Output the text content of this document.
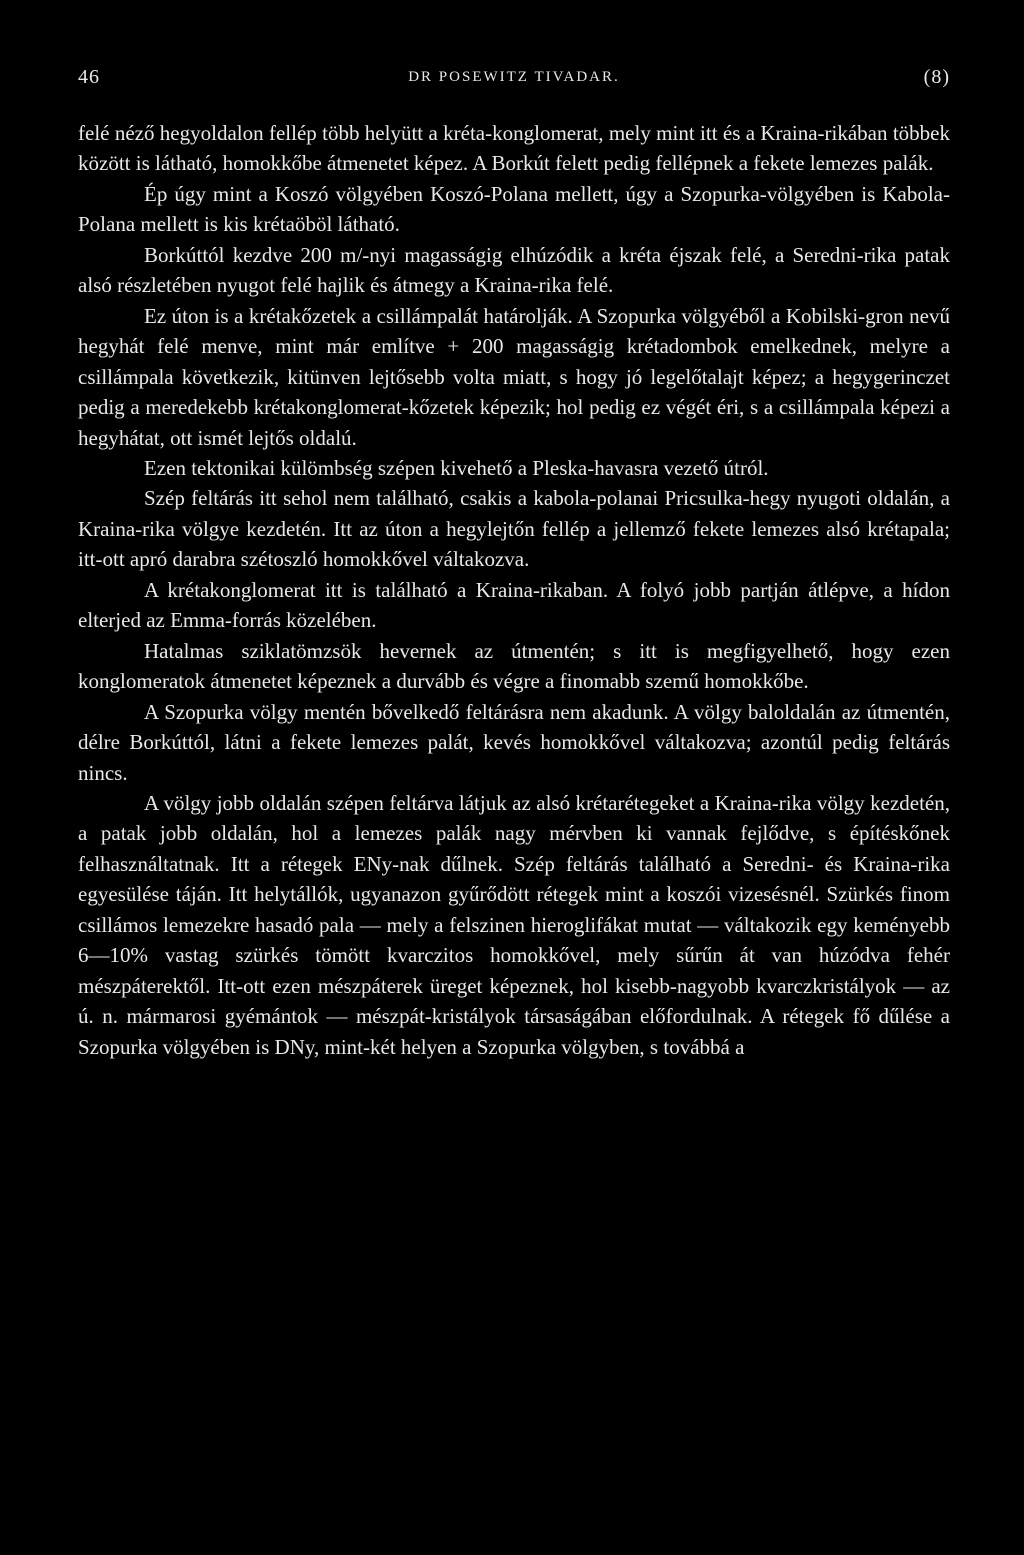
46	DR POSEWITZ TIVADAR.	(8)

felé néző hegyoldalon fellép több helyütt a kréta-konglomerat, mely mint itt és a Kraina-rikában többek között is látható, homokkőbe átmenetet képez. A Borkút felett pedig fellépnek a fekete lemezes palák.

Ép úgy mint a Koszó völgyében Koszó-Polana mellett, úgy a Szopurka-völgyében is Kabola-Polana mellett is kis krétaöböl látható.

Borkúttól kezdve 200 m/-nyi magasságig elhúzódik a kréta éjszak felé, a Seredni-rika patak alsó részletében nyugot felé hajlik és átmegy a Kraina-rika felé.

Ez úton is a krétakőzetek a csillámpalát határolják. A Szopurka völgyéből a Kobilski-gron nevű hegyhát felé menve, mint már említve + 200 magasságig krétadombok emelkednek, melyre a csillámpala következik, kitünven lejtősebb volta miatt, s hogy jó legelőtalajt képez; a hegygerinczet pedig a meredekebb krétakonglomerat-kőzetek képezik; hol pedig ez végét éri, s a csillámpala képezi a hegyhátat, ott ismét lejtős oldalú.

Ezen tektonikai külömbség szépen kivehető a Pleska-havasra vezető útról.

Szép feltárás itt sehol nem található, csakis a kabola-polanai Pricsulka-hegy nyugoti oldalán, a Kraina-rika völgye kezdetén. Itt az úton a hegylejtőn fellép a jellemző fekete lemezes alsó krétapala; itt-ott apró darabra szétoszló homokkővel váltakozva.

A krétakonglomerat itt is található a Kraina-rikaban. A folyó jobb partján átlépve, a hídon elterjed az Emma-forrás közelében.

Hatalmas sziklatömzsök hevernek az útmentén; s itt is megfigyelhető, hogy ezen konglomeratok átmenetet képeznek a durvább és végre a finomabb szemű homokkőbe.

A Szopurka völgy mentén bővelkedő feltárásra nem akadunk. A völgy baloldalán az útmentén, délre Borkúttól, látni a fekete lemezes palát, kevés homokkővel váltakozva; azontúl pedig feltárás nincs.

A völgy jobb oldalán szépen feltárva látjuk az alsó krétarétegeket a Kraina-rika völgy kezdetén, a patak jobb oldalán, hol a lemezes palák nagy mérvben ki vannak fejlődve, s építéskőnek felhasználtatnak. Itt a rétegek ENy-nak dűlnek. Szép feltárás található a Seredni- és Kraina-rika egyesülése táján. Itt helytállók, ugyanazon gyűrődött rétegek mint a koszói vizesésnél. Szürkés finom csillámos lemezekre hasadó pala — mely a felszinen hieroglifákat mutat — váltakozik egy keményebb 6—10% vastag szürkés tömött kvarczitos homokkővel, mely sűrűn át van húzódva fehér mészpáterektől. Itt-ott ezen mészpáterek üreget képeznek, hol kisebb-nagyobb kvarczkristályok — az ú. n. mármarosi gyémántok — mészpát-kristályok társaságában előfordulnak. A rétegek fő dűlése a Szopurka völgyében is DNy, mint-két helyen a Szopurka völgyben, s továbbá a
